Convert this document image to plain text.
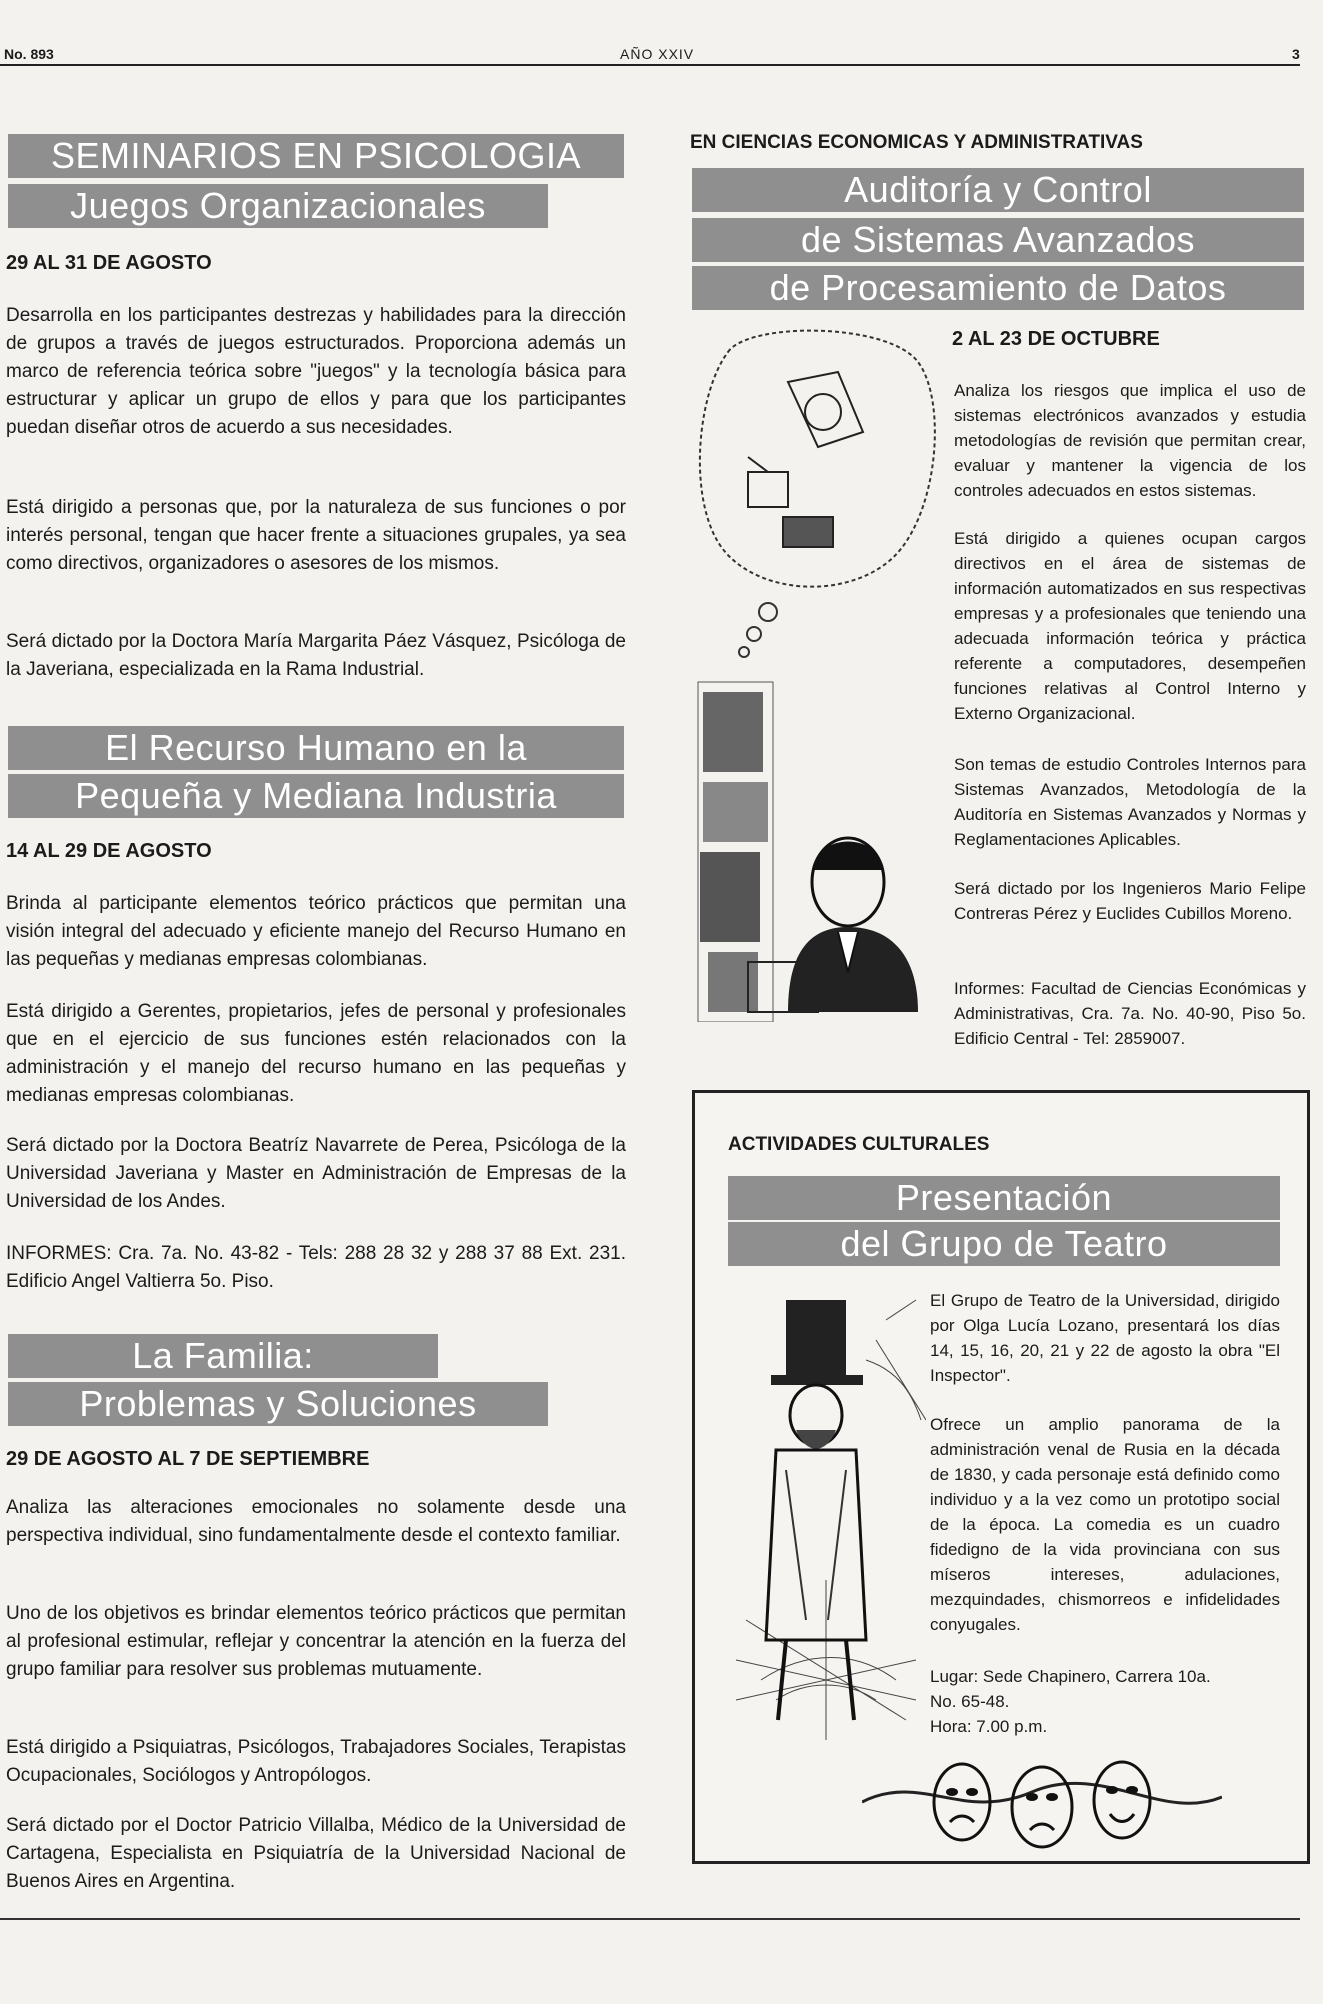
No. 893	AÑO XXIV	3
SEMINARIOS EN PSICOLOGIA
Juegos Organizacionales
29 AL 31 DE AGOSTO

Desarrolla en los participantes destrezas y habilidades para la dirección de grupos a través de juegos estructurados. Proporciona además un marco de referencia teórica sobre "juegos" y la tecnología básica para estructurar y aplicar un grupo de ellos y para que los participantes puedan diseñar otros de acuerdo a sus necesidades.

Está dirigido a personas que, por la naturaleza de sus funciones o por interés personal, tengan que hacer frente a situaciones grupales, ya sea como directivos, organizadores o asesores de los mismos.

Será dictado por la Doctora María Margarita Páez Vásquez, Psicóloga de la Javeriana, especializada en la Rama Industrial.

El Recurso Humano en la
Pequeña y Mediana Industria
14 AL 29 DE AGOSTO

Brinda al participante elementos teórico prácticos que permitan una visión integral del adecuado y eficiente manejo del Recurso Humano en las pequeñas y medianas empresas colombianas.

Está dirigido a Gerentes, propietarios, jefes de personal y profesionales que en el ejercicio de sus funciones estén relacionados con la administración y el manejo del recurso humano en las pequeñas y medianas empresas colombianas.

Será dictado por la Doctora Beatríz Navarrete de Perea, Psicóloga de la Universidad Javeriana y Master en Administración de Empresas de la Universidad de los Andes.

INFORMES: Cra. 7a. No. 43-82 - Tels: 288 28 32 y 288 37 88 Ext. 231. Edificio Angel Valtierra 5o. Piso.

La Familia:
Problemas y Soluciones
29 DE AGOSTO AL 7 DE SEPTIEMBRE

Analiza las alteraciones emocionales no solamente desde una perspectiva individual, sino fundamentalmente desde el contexto familiar.

Uno de los objetivos es brindar elementos teórico prácticos que permitan al profesional estimular, reflejar y concentrar la atención en la fuerza del grupo familiar para resolver sus problemas mutuamente.

Está dirigido a Psiquiatras, Psicólogos, Trabajadores Sociales, Terapistas Ocupacionales, Sociólogos y Antropólogos.

Será dictado por el Doctor Patricio Villalba, Médico de la Universidad de Cartagena, Especialista en Psiquiatría de la Universidad Nacional de Buenos Aires en Argentina.

EN CIENCIAS ECONOMICAS Y ADMINISTRATIVAS
Auditoría y Control
de Sistemas Avanzados
de Procesamiento de Datos
2 AL 23 DE OCTUBRE

Analiza los riesgos que implica el uso de sistemas electrónicos avanzados y estudia metodologías de revisión que permitan crear, evaluar y mantener la vigencia de los controles adecuados en estos sistemas.

Está dirigido a quienes ocupan cargos directivos en el área de sistemas de información automatizados en sus respectivas empresas y a profesionales que teniendo una adecuada información teórica y práctica referente a computadores, desempeñen funciones relativas al Control Interno y Externo Organizacional.

Son temas de estudio Controles Internos para Sistemas Avanzados, Metodología de la Auditoría en Sistemas Avanzados y Normas y Reglamentaciones Aplicables.

Será dictado por los Ingenieros Mario Felipe Contreras Pérez y Euclides Cubillos Moreno.

Informes: Facultad de Ciencias Económicas y Administrativas, Cra. 7a. No. 40-90, Piso 5o. Edificio Central - Tel: 2859007.

ACTIVIDADES CULTURALES
Presentación
del Grupo de Teatro

El Grupo de Teatro de la Universidad, dirigido por Olga Lucía Lozano, presentará los días 14, 15, 16, 20, 21 y 22 de agosto la obra "El Inspector".

Ofrece un amplio panorama de la administración venal de Rusia en la década de 1830, y cada personaje está definido como individuo y a la vez como un prototipo social de la época. La comedia es un cuadro fidedigno de la vida provinciana con sus míseros intereses, adulaciones, mezquindades, chismorreos e infidelidades conyugales.

Lugar: Sede Chapinero, Carrera 10a.
No. 65-48.
Hora: 7.00 p.m.
